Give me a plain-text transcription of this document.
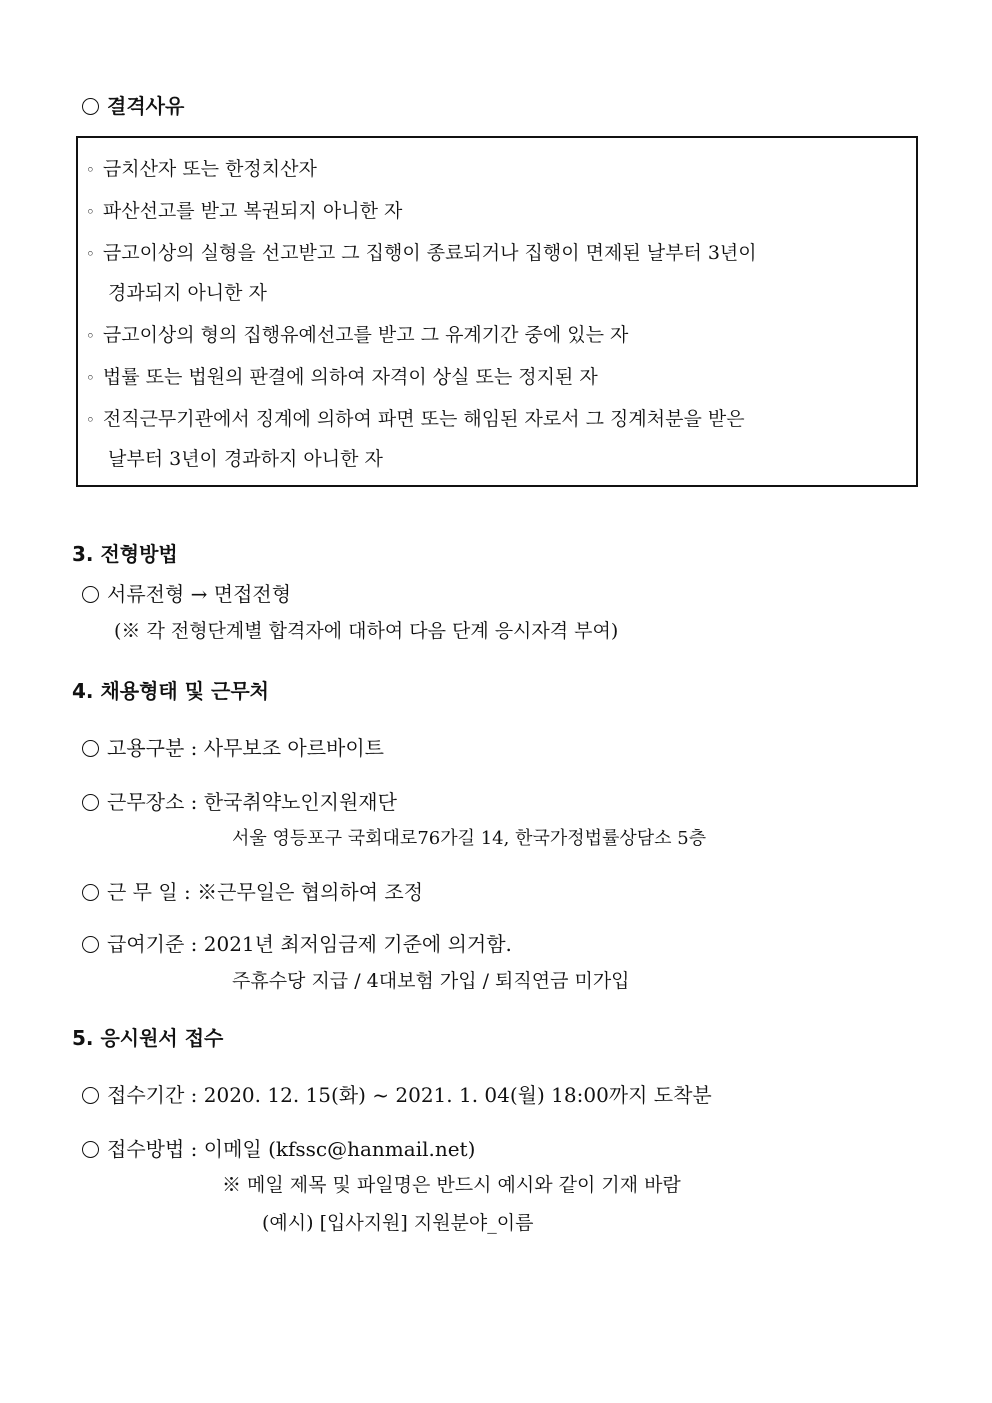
결격사유
◦ 금치산자 또는 한정치산자
◦ 파산선고를 받고 복권되지 아니한 자
◦ 금고이상의 실형을 선고받고 그 집행이 종료되거나 집행이 면제된 날부터 3년이
경과되지 아니한 자
◦ 금고이상의 형의 집행유예선고를 받고 그 유계기간 중에 있는 자
◦ 법률 또는 법원의 판결에 의하여 자격이 상실 또는 정지된 자
◦ 전직근무기관에서 징계에 의하여 파면 또는 해임된 자로서 그 징계처분을 받은
날부터 3년이 경과하지 아니한 자
3. 전형방법
서류전형 → 면접전형
(※ 각 전형단계별 합격자에 대하여 다음 단계 응시자격 부여)
4. 채용형태 및 근무처
고용구분 : 사무보조 아르바이트
근무장소 : 한국취약노인지원재단
서울 영등포구 국회대로76가길 14, 한국가정법률상담소 5층
근 무 일 : ※근무일은 협의하여 조정
급여기준 : 2021년 최저임금제 기준에 의거함.
주휴수당 지급 / 4대보험 가입 / 퇴직연금 미가입
5. 응시원서 접수
접수기간 : 2020. 12. 15(화) ~ 2021. 1. 04(월) 18:00까지 도착분
접수방법 : 이메일 (kfssc@hanmail.net)
※ 메일 제목 및 파일명은 반드시 예시와 같이 기재 바람
(예시) [입사지원] 지원분야_이름
